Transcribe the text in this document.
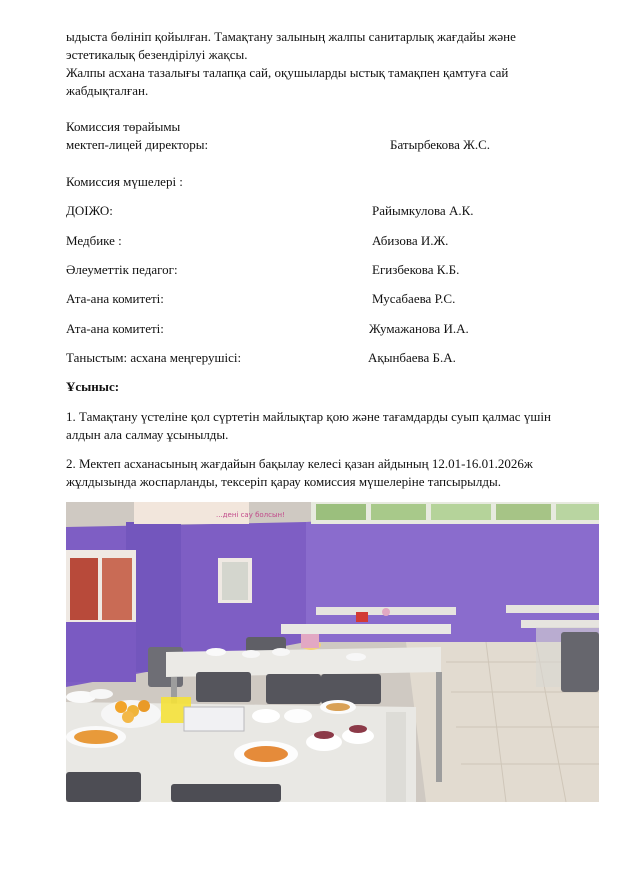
ыдыста бөлініп қойылған. Тамақтану залының жалпы санитарлық жағдайы және
эстетикалық безендірілуі жақсы.
Жалпы асхана тазалығы талапқа сай, оқушыларды ыстық тамақпен қамтуға сай
жабдықталған.
Комиссия төрайымы
мектеп-лицей директоры:	Батырбекова Ж.С.
Комиссия мүшелері :
ДОІЖО:	Райымкулова А.К.
Медбике :	Абизова И.Ж.
Әлеуметтік педагог:	Егизбекова К.Б.
Ата-ана комитеті:	Мусабаева Р.С.
Ата-ана комитеті:	Жумажанова И.А.
Таныстым: асхана меңгерушісі:	Ақынбаева Б.А.
Ұсыныс:
1. Тамақтану үстеліне қол сүртетін майлықтар қою және тағамдарды суып қалмас үшін
алдын ала салмау ұсынылды.
2. Мектеп асханасының жағдайын бақылау келесі қазан айдының 12.01-16.01.2026ж
жұлдызында жоспарланды, тексеріп қарау комиссия мүшелеріне тапсырылды.
...дені сау болсын!
